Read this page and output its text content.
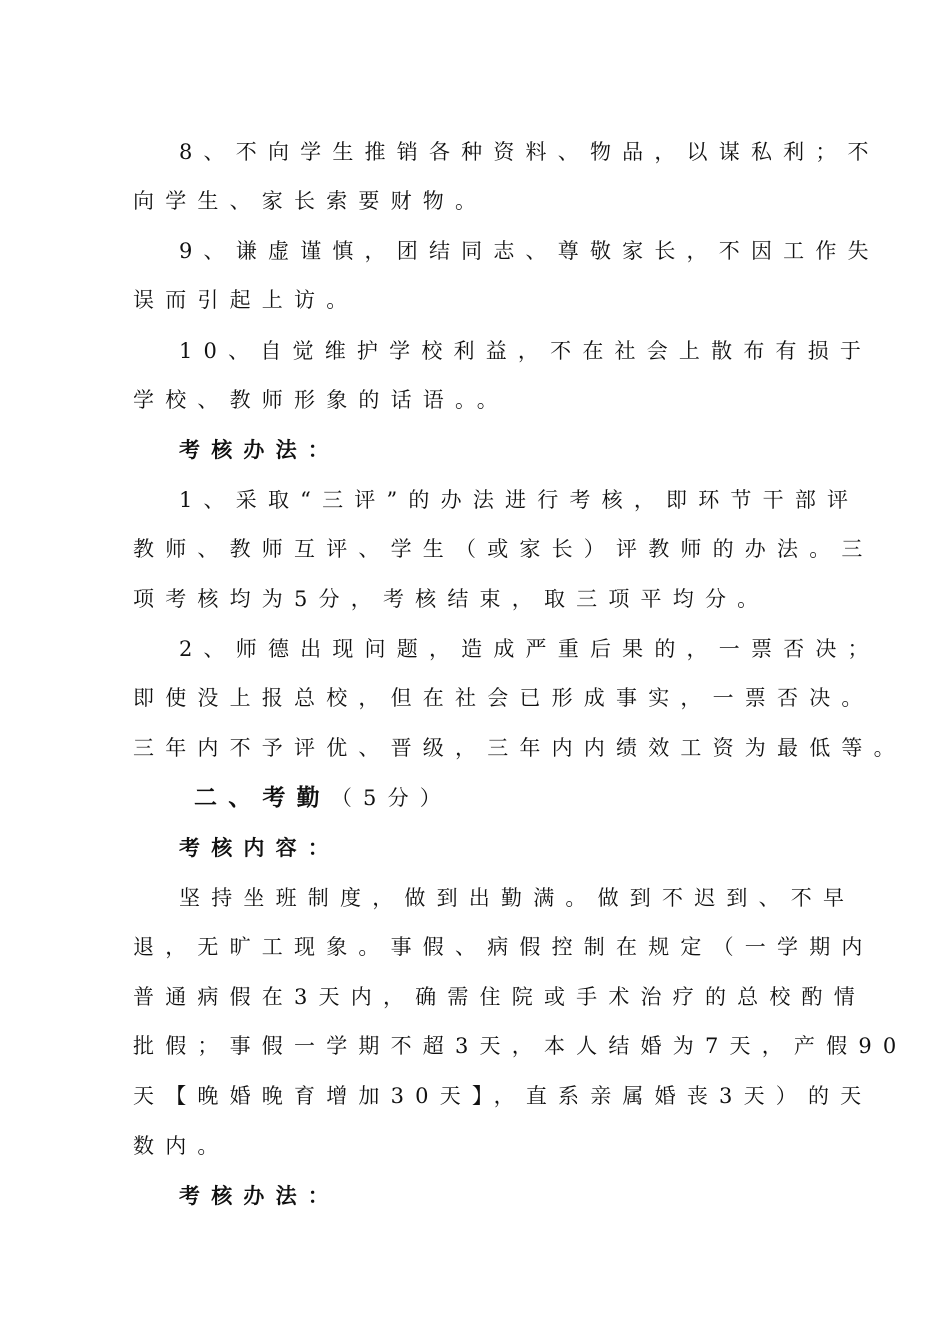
8、不向学生推销各种资料、物品，以谋私利；不
向学生、家长索要财物。
9、谦虚谨慎，团结同志、尊敬家长，不因工作失
误而引起上访。
10、自觉维护学校利益，不在社会上散布有损于
学校、教师形象的话语。。
考核办法：
1、采取“三评”的办法进行考核，即环节干部评
教师、教师互评、学生（或家长）评教师的办法。三
项考核均为5分，考核结束，取三项平均分。
2、师德出现问题，造成严重后果的，一票否决；
即使没上报总校，但在社会已形成事实，一票否决。
三年内不予评优、晋级，三年内内绩效工资为最低等。
二、考勤（5分）
考核内容：
坚持坐班制度，做到出勤满。做到不迟到、不早
退，无旷工现象。事假、病假控制在规定（一学期内
普通病假在3天内，确需住院或手术治疗的总校酌情
批假；事假一学期不超3天，本人结婚为7天，产假90
天【晚婚晚育增加30天】，直系亲属婚丧3天）的天
数内。
考核办法：
